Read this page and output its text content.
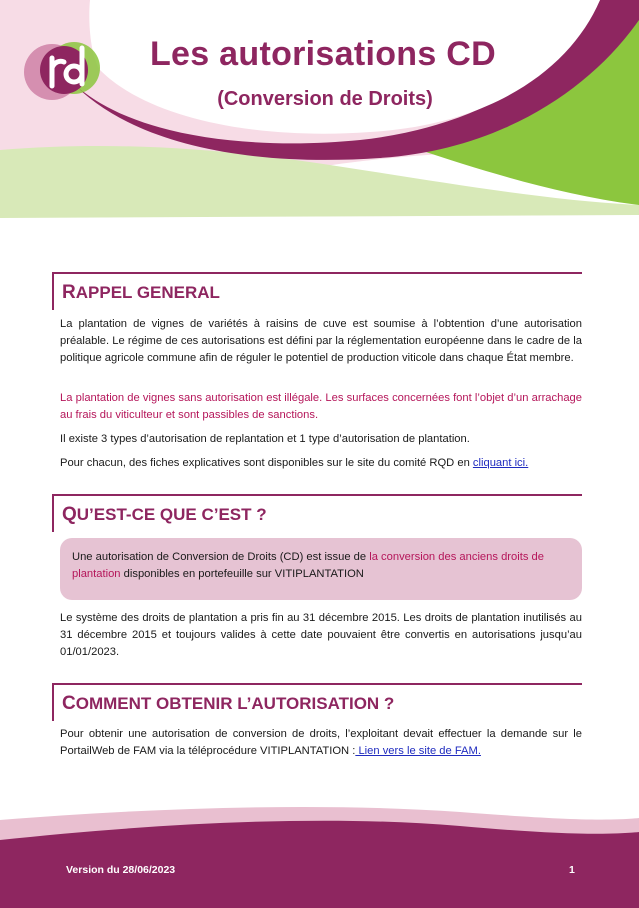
Les autorisations CD
(Conversion de Droits)
RAPPEL GENERAL

La plantation de vignes de variétés à raisins de cuve est soumise à l’obtention d’une autorisation préalable. Le régime de ces autorisations est défini par la réglementation européenne dans le cadre de la politique agricole commune afin de réguler le potentiel de production viticole dans chaque État membre.

La plantation de vignes sans autorisation est illégale. Les surfaces concernées font l’objet d’un arrachage au frais du viticulteur et sont passibles de sanctions.

Il existe 3 types d’autorisation de replantation et 1 type d’autorisation de plantation.

Pour chacun, des fiches explicatives sont disponibles sur le site du comité RQD en cliquant ici.

QU’EST-CE QUE C’EST ?
Une autorisation de Conversion de Droits (CD) est issue de la conversion des anciens droits de plantation disponibles en portefeuille sur VITIPLANTATION

Le système des droits de plantation a pris fin au 31 décembre 2015. Les droits de plantation inutilisés au 31 décembre 2015 et toujours valides à cette date pouvaient être convertis en autorisations jusqu’au 01/01/2023.

COMMENT OBTENIR L’AUTORISATION ?

Pour obtenir une autorisation de conversion de droits, l’exploitant devait effectuer la demande sur le PortailWeb de FAM via la téléprocédure VITIPLANTATION : Lien vers le site de FAM.

Version du 28/06/2023	1
